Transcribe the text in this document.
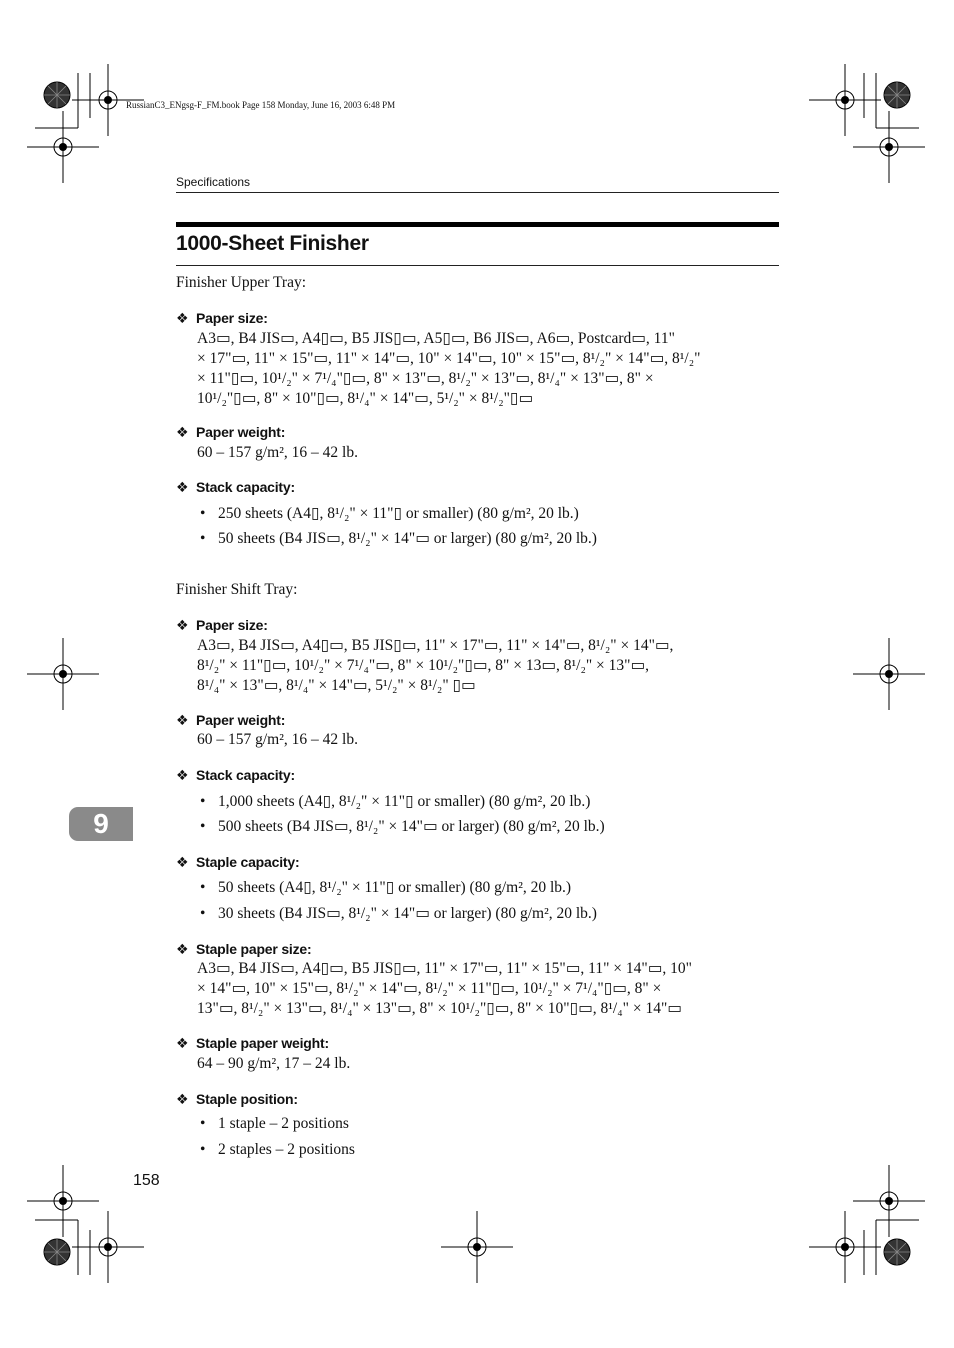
RussianC3_ENgsg-F_FM.book Page 158 Monday, June 16, 2003 6:48 PM
Specifications
1000-Sheet Finisher
Finisher Upper Tray:
❖ Paper size:
A3▭, B4 JIS▭, A4▯▭, B5 JIS▯▭, A5▯▭, B6 JIS▭, A6▭, Postcard▭, 11"
× 17"▭, 11" × 15"▭, 11" × 14"▭, 10" × 14"▭, 10" × 15"▭, 8¹/₂" × 14"▭, 8¹/₂"
× 11"▯▭, 10¹/₂" × 7¹/₄"▯▭, 8" × 13"▭, 8¹/₂" × 13"▭, 8¹/₄" × 13"▭, 8" ×
10¹/₂"▯▭, 8" × 10"▯▭, 8¹/₄" × 14"▭, 5¹/₂" × 8¹/₂"▯▭
❖ Paper weight:
60 – 157 g/m², 16 – 42 lb.
❖ Stack capacity:
• 250 sheets (A4▯, 8¹/₂" × 11"▯ or smaller) (80 g/m², 20 lb.)
• 50 sheets (B4 JIS▭, 8¹/₂" × 14"▭ or larger) (80 g/m², 20 lb.)
Finisher Shift Tray:
❖ Paper size:
A3▭, B4 JIS▭, A4▯▭, B5 JIS▯▭, 11" × 17"▭, 11" × 14"▭, 8¹/₂" × 14"▭,
8¹/₂" × 11"▯▭, 10¹/₂" × 7¹/₄"▭, 8" × 10¹/₂"▯▭, 8" × 13▭, 8¹/₂" × 13"▭,
8¹/₄" × 13"▭, 8¹/₄" × 14"▭, 5¹/₂" × 8¹/₂" ▯▭
❖ Paper weight:
60 – 157 g/m², 16 – 42 lb.
❖ Stack capacity:
• 1,000 sheets (A4▯, 8¹/₂" × 11"▯ or smaller) (80 g/m², 20 lb.)
• 500 sheets (B4 JIS▭, 8¹/₂" × 14"▭ or larger) (80 g/m², 20 lb.)
❖ Staple capacity:
• 50 sheets (A4▯, 8¹/₂" × 11"▯ or smaller) (80 g/m², 20 lb.)
• 30 sheets (B4 JIS▭, 8¹/₂" × 14"▭ or larger) (80 g/m², 20 lb.)
❖ Staple paper size:
A3▭, B4 JIS▭, A4▯▭, B5 JIS▯▭, 11" × 17"▭, 11" × 15"▭, 11" × 14"▭, 10"
× 14"▭, 10" × 15"▭, 8¹/₂" × 14"▭, 8¹/₂" × 11"▯▭, 10¹/₂" × 7¹/₄"▯▭, 8" ×
13"▭, 8¹/₂" × 13"▭, 8¹/₄" × 13"▭, 8" × 10¹/₂"▯▭, 8" × 10"▯▭, 8¹/₄" × 14"▭
❖ Staple paper weight:
64 – 90 g/m², 17 – 24 lb.
❖ Staple position:
• 1 staple – 2 positions
• 2 staples – 2 positions
9
158
